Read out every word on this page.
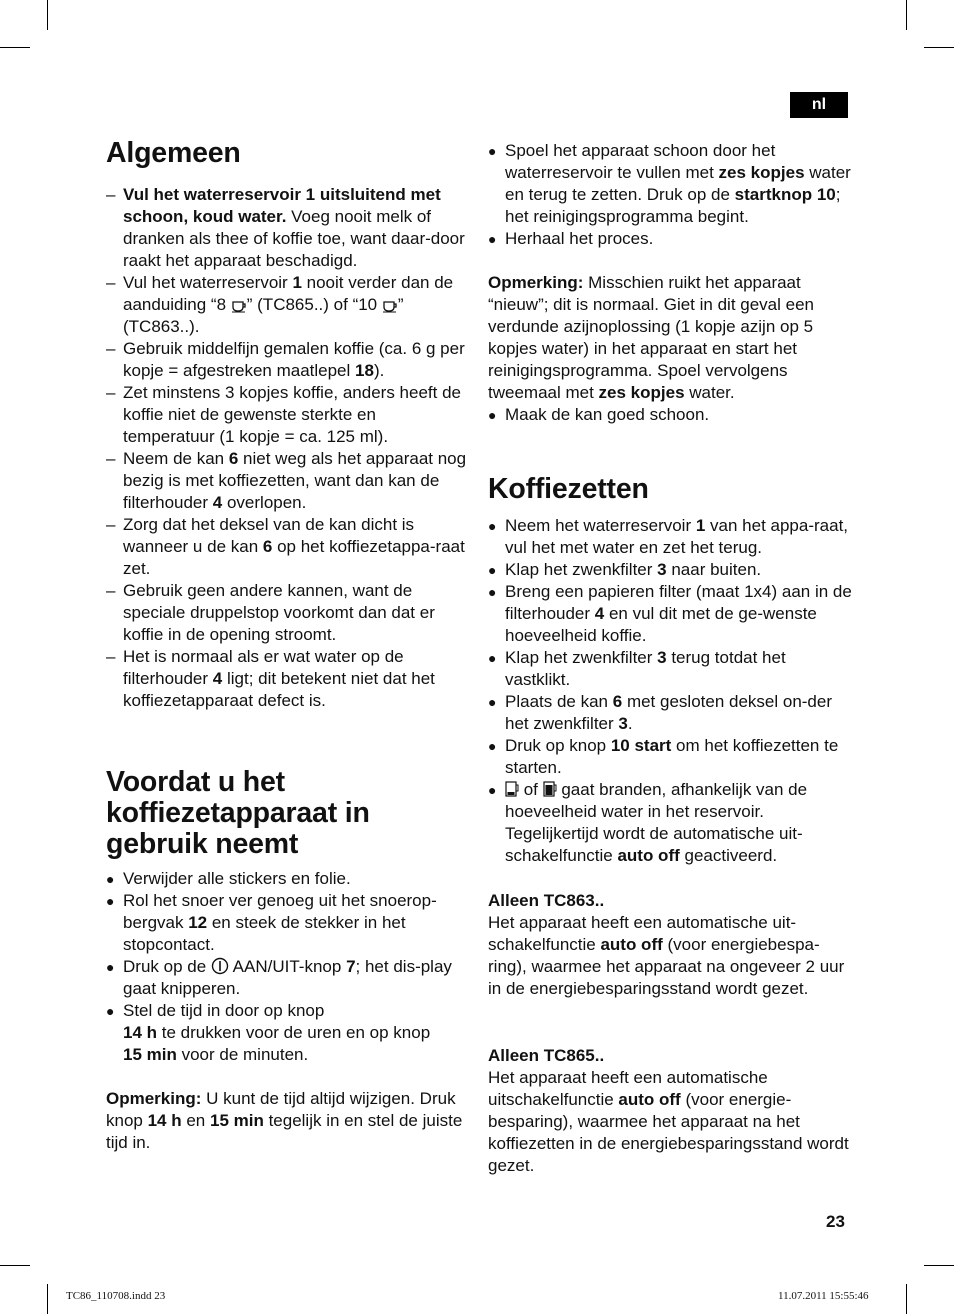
nl
Algemeen
– Vul het waterreservoir 1 uitsluitend met schoon, koud water. Voeg nooit melk of dranken als thee of koffie toe, want daar-door raakt het apparaat beschadigd.
– Vul het waterreservoir 1 nooit verder dan de aanduiding “8 ” (TC865..) of “10 ” (TC863..).
– Gebruik middelfijn gemalen koffie (ca. 6 g per kopje = afgestreken maatlepel 18).
– Zet minstens 3 kopjes koffie, anders heeft de koffie niet de gewenste sterkte en temperatuur (1 kopje = ca. 125 ml).
– Neem de kan 6 niet weg als het apparaat nog bezig is met koffiezetten, want dan kan de filterhouder 4 overlopen.
– Zorg dat het deksel van de kan dicht is wanneer u de kan 6 op het koffiezetappa-raat zet.
– Gebruik geen andere kannen, want de speciale druppelstop voorkomt dan dat er koffie in de opening stroomt.
– Het is normaal als er wat water op de filterhouder 4 ligt; dit betekent niet dat het koffiezetapparaat defect is.
Voordat u het koffiezetapparaat in gebruik neemt
● Verwijder alle stickers en folie.
● Rol het snoer ver genoeg uit het snoerop-bergvak 12 en steek de stekker in het stopcontact.
● Druk op de  AAN/UIT-knop 7; het dis-play gaat knipperen.
● Stel de tijd in door op knop
14 h te drukken voor de uren en op knop
15 min voor de minuten.

Opmerking: U kunt de tijd altijd wijzigen. Druk knop 14 h en 15 min tegelijk in en stel de juiste tijd in.

● Spoel het apparaat schoon door het waterreservoir te vullen met zes kopjes water en terug te zetten. Druk op de startknop 10; het reinigingsprogramma begint.
● Herhaal het proces.

Opmerking: Misschien ruikt het apparaat “nieuw”; dit is normaal. Giet in dit geval een verdunde azijnoplossing (1 kopje azijn op 5 kopjes water) in het apparaat en start het reinigingsprogramma. Spoel vervolgens tweemaal met zes kopjes water.

● Maak de kan goed schoon.
Koffiezetten
● Neem het waterreservoir 1 van het appa-raat, vul het met water en zet het terug.
● Klap het zwenkfilter 3 naar buiten.
● Breng een papieren filter (maat 1x4) aan in de filterhouder 4 en vul dit met de ge-wenste hoeveelheid koffie.
● Klap het zwenkfilter 3 terug totdat het vastklikt.
● Plaats de kan 6 met gesloten deksel on-der het zwenkfilter 3.
● Druk op knop 10 start om het koffiezetten te starten.
● of  gaat branden, afhankelijk van de hoeveelheid water in het reservoir. Tegelijkertijd wordt de automatische uit-schakelfunctie auto off geactiveerd.

Alleen TC863..

Het apparaat heeft een automatische uit-schakelfunctie auto off (voor energiebespa-ring), waarmee het apparaat na ongeveer 2 uur in de energiebesparingsstand wordt gezet.

Alleen TC865..

Het apparaat heeft een automatische uitschakelfunctie auto off (voor energie-besparing), waarmee het apparaat na het koffiezetten in de energiebesparingsstand wordt gezet.

23
TC86_110708.indd 23	11.07.2011 15:55:46
